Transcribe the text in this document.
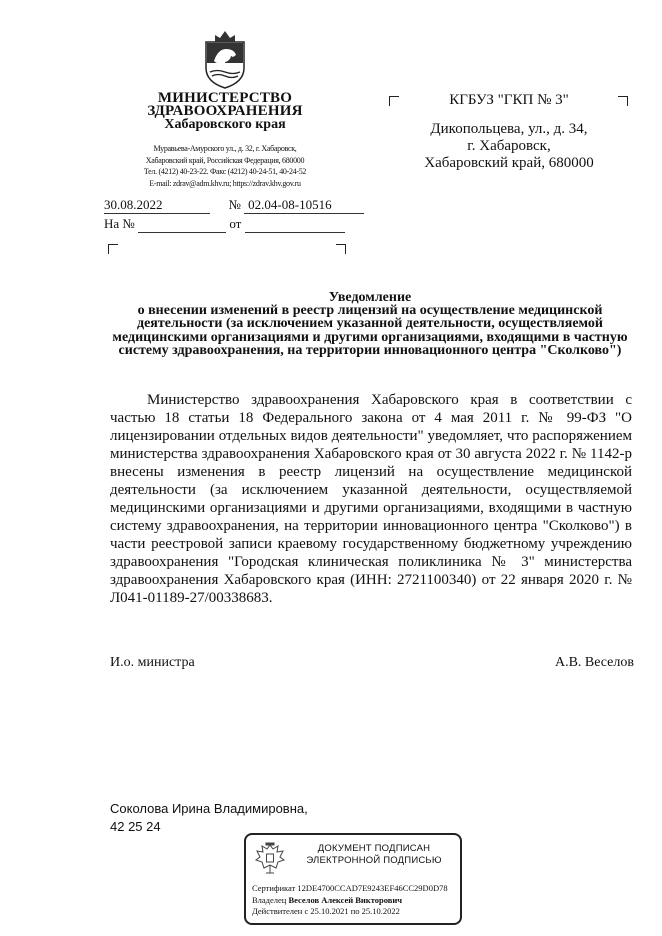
МИНИСТЕРСТВО
ЗДРАВООХРАНЕНИЯ
Хабаровского края
Муравьева-Амурского ул., д. 32, г. Хабаровск,
Хабаровский край, Российская Федерация, 680000
Тел. (4212) 40-23-22. Факс (4212) 40-24-51, 40-24-52
E-mail: zdrav@adm.khv.ru; https://zdrav.khv.gov.ru
30.08.2022	№ 02.04-08-10516
На №	от
КГБУЗ "ГКП № 3"
Дикопольцева, ул., д. 34,
г. Хабаровск,
Хабаровский край, 680000
Уведомление
о внесении изменений в реестр лицензий на осуществление медицинской деятельности (за исключением указанной деятельности, осуществляемой медицинскими организациями и другими организациями, входящими в частную систему здравоохранения, на территории инновационного центра "Сколково")
Министерство здравоохранения Хабаровского края в соответствии с частью 18 статьи 18 Федерального закона от 4 мая 2011 г. № 99-ФЗ "О лицензировании отдельных видов деятельности" уведомляет, что распоряжением министерства здравоохранения Хабаровского края от 30 августа 2022 г. № 1142-р внесены изменения в реестр лицензий на осуществление медицинской деятельности (за исключением указанной деятельности, осуществляемой медицинскими организациями и другими организациями, входящими в частную систему здравоохранения, на территории инновационного центра "Сколково") в части реестровой записи краевому государственному бюджетному учреждению здравоохранения "Городская клиническая поликлиника № 3" министерства здравоохранения Хабаровского края (ИНН: 2721100340) от 22 января 2020 г. № Л041-01189-27/00338683.
И.о. министра	А.В. Веселов
Соколова Ирина Владимировна,
42 25 24
ДОКУМЕНТ ПОДПИСАН
ЭЛЕКТРОННОЙ ПОДПИСЬЮ
Сертификат 12DE4700CCAD7E9243EF46CC29D0D78
Владелец Веселов Алексей Викторович
Действителен с 25.10.2021 по 25.10.2022
